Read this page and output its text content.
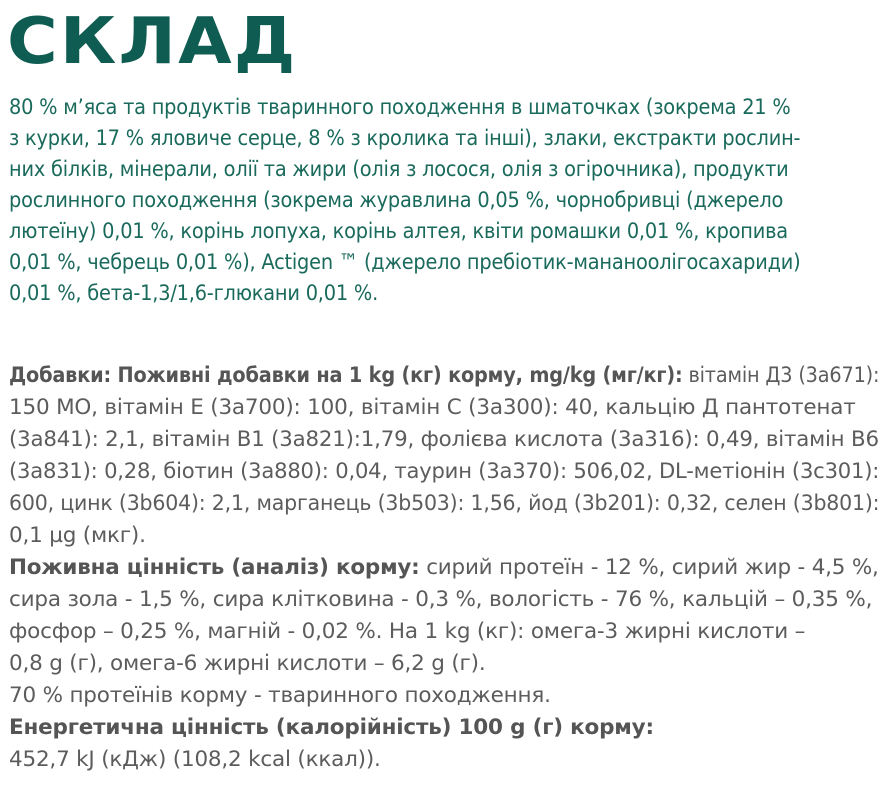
СКЛАД
80 % м’яса та продуктів тваринного походження в шматочках (зокрема 21 %
з курки, 17 % яловиче серце, 8 % з кролика та інші), злаки, екстракти рослин-
них білків, мінерали, олії та жири (олія з лосося, олія з огірочника), продукти
рослинного походження (зокрема журавлина 0,05 %, чорнобривці (джерело
лютеїну) 0,01 %, корінь лопуха, корінь алтея, квіти ромашки 0,01 %, кропива
0,01 %, чебрець 0,01 %), Actigen ™ (джерело пребіотик-мананоолігосахариди)
0,01 %, бета-1,3/1,6-глюкани 0,01 %.
Добавки: Поживні добавки на 1 kg (кг) корму, mg/kg (мг/кг): вітамін Д3 (3a671):
150 МО, вітамін E (3a700): 100, вітамін C (3a300): 40, кальцію Д пантотенат
(3a841): 2,1, вітамін B1 (3a821):1,79, фолієва кислота (3a316): 0,49, вітамін B6
(3a831): 0,28, біотин (3a880): 0,04, таурин (3a370): 506,02, DL-метіонін (3c301):
600, цинк (3b604): 2,1, марганець (3b503): 1,56, йод (3b201): 0,32, селен (3b801):
0,1 µg (мкг).
Поживна цінність (аналіз) корму: сирий протеїн - 12 %, сирий жир - 4,5 %,
сира зола - 1,5 %, сира клітковина - 0,3 %, вологість - 76 %, кальцій – 0,35 %,
фосфор – 0,25 %, магній - 0,02 %. На 1 kg (кг): омега-3 жирні кислоти –
0,8 g (г), омега-6 жирні кислоти – 6,2 g (г).
70 % протеїнів корму - тваринного походження.
Енергетична цінність (калорійність) 100 g (г) корму:
452,7 kJ (кДж) (108,2 kcal (ккал)).
